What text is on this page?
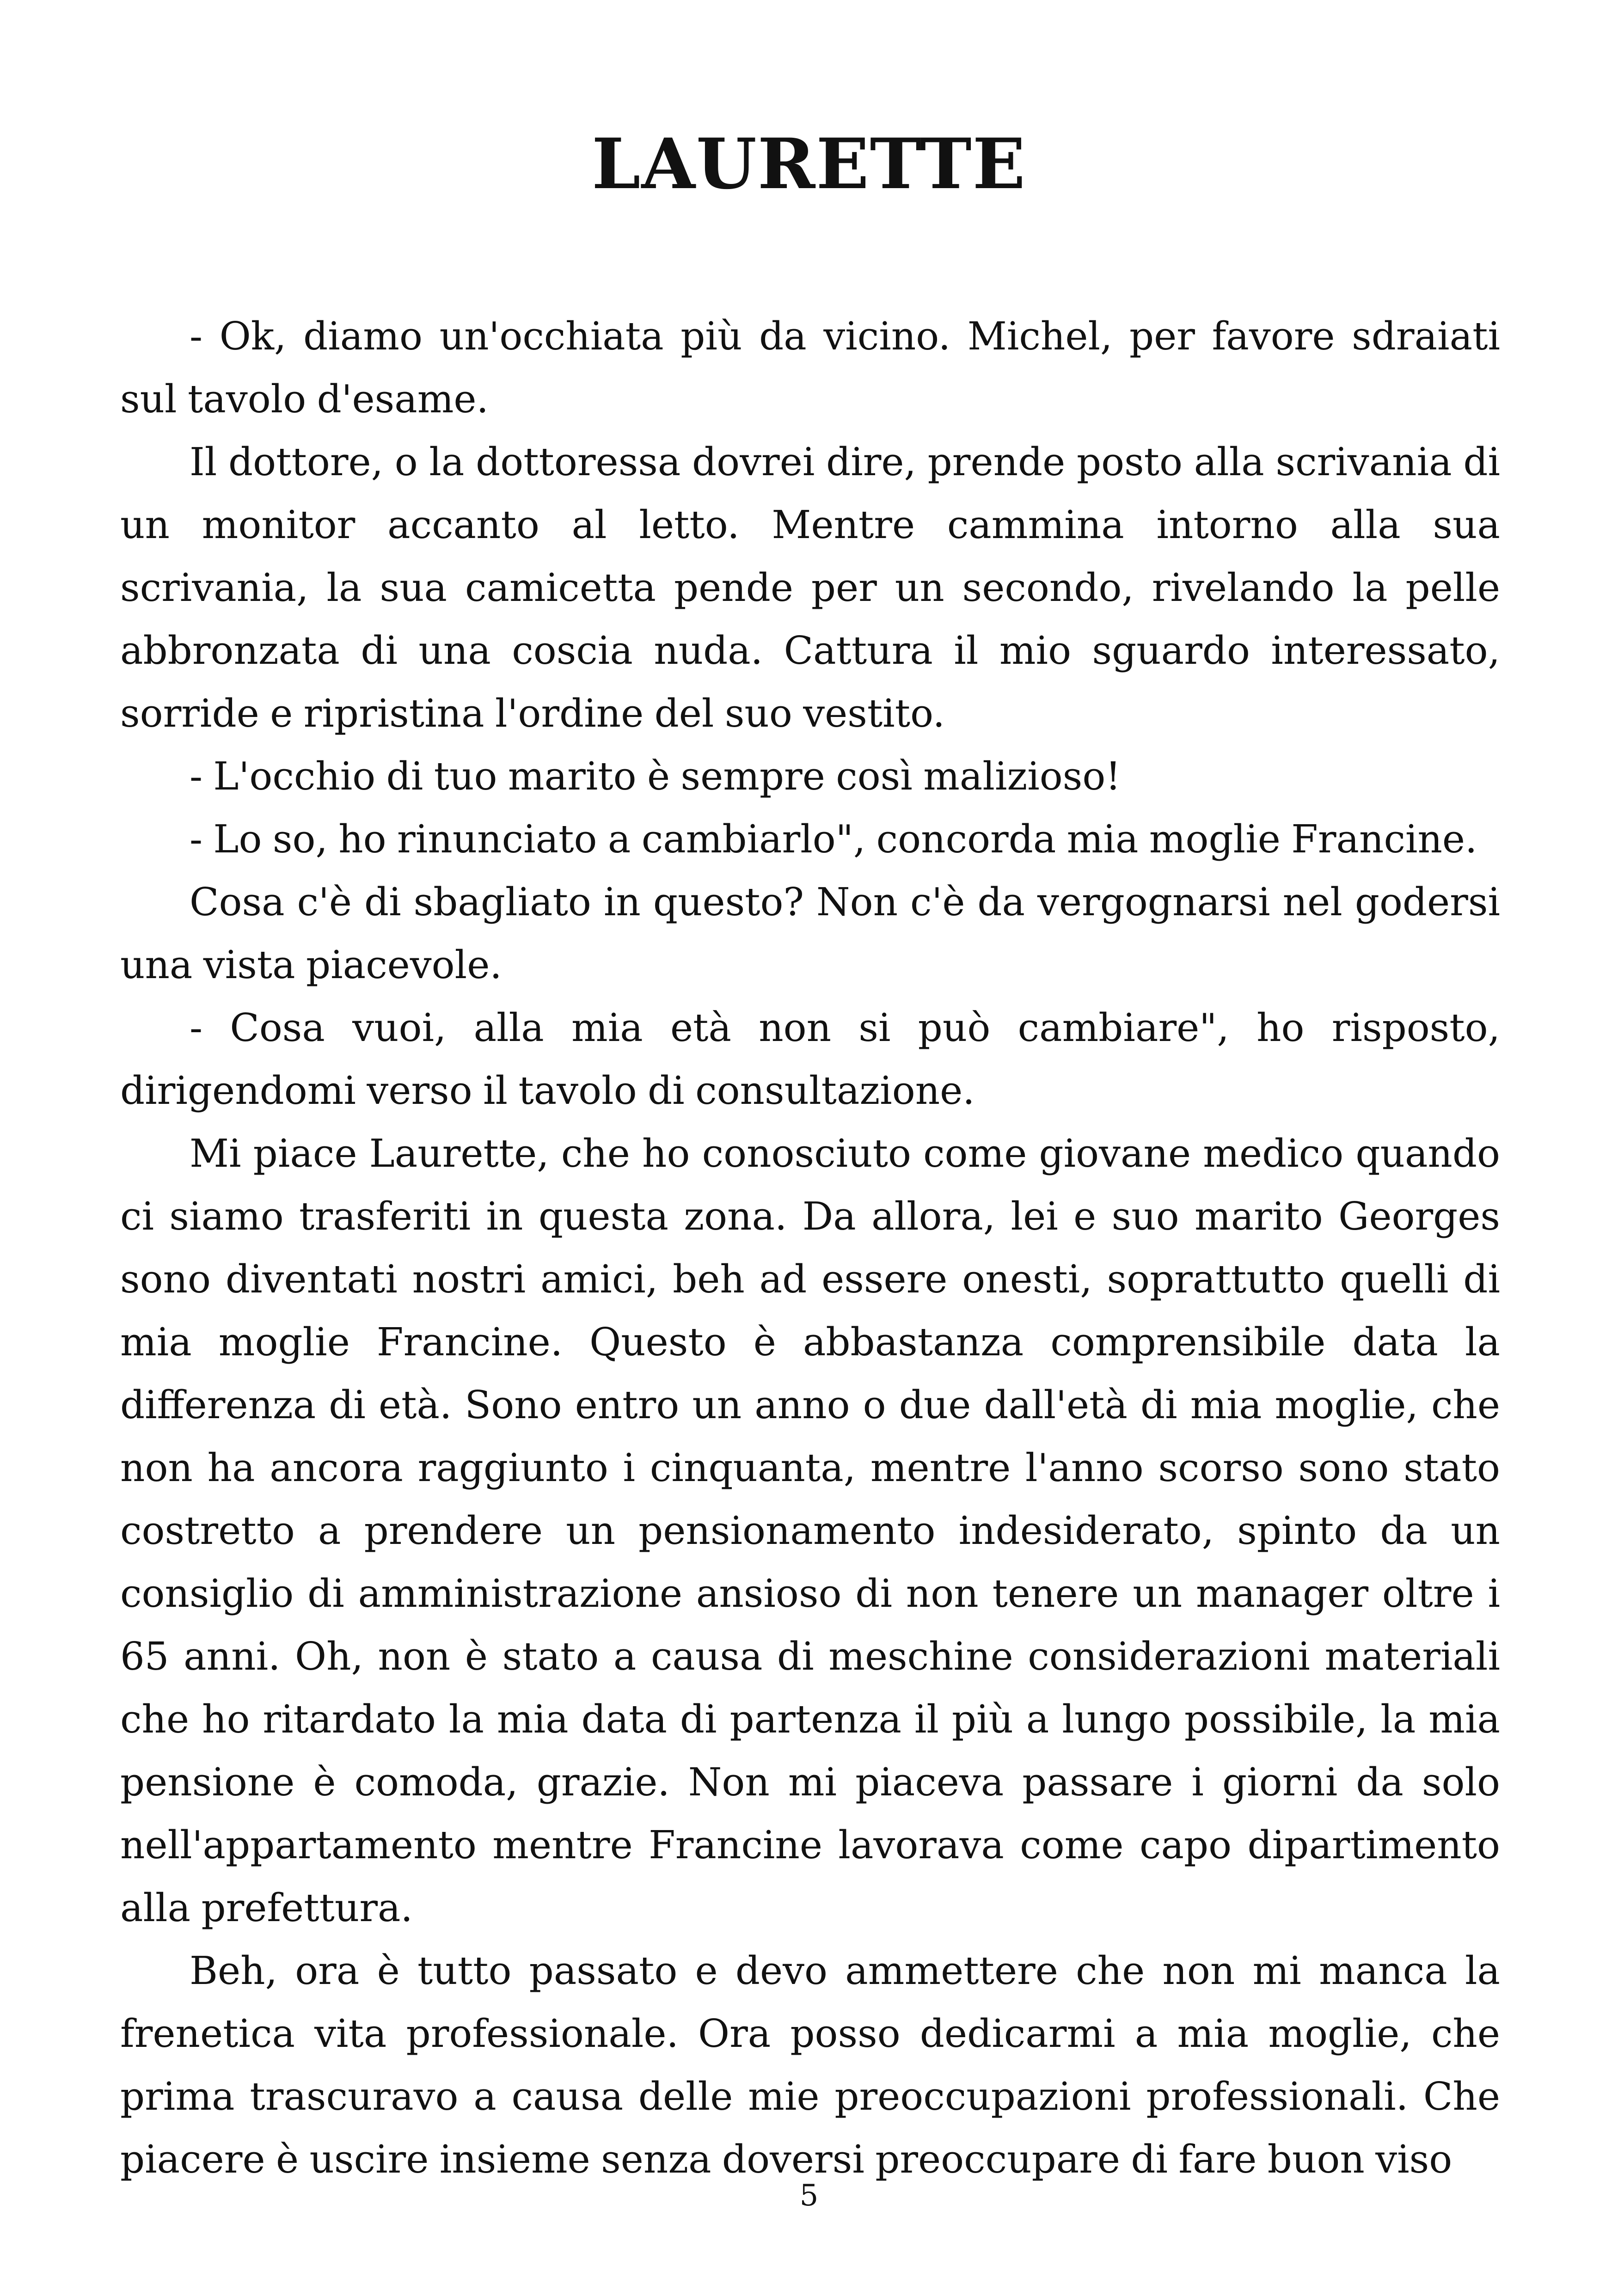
LAURETTE

- Ok, diamo un'occhiata più da vicino. Michel, per favore sdraiati sul tavolo d'esame.

Il dottore, o la dottoressa dovrei dire, prende posto alla scrivania di un monitor accanto al letto. Mentre cammina intorno alla sua scrivania, la sua camicetta pende per un secondo, rivelando la pelle abbronzata di una coscia nuda. Cattura il mio sguardo interessato, sorride e ripristina l'ordine del suo vestito.

- L'occhio di tuo marito è sempre così malizioso!

- Lo so, ho rinunciato a cambiarlo", concorda mia moglie Francine.

Cosa c'è di sbagliato in questo? Non c'è da vergognarsi nel godersi una vista piacevole.

- Cosa vuoi, alla mia età non si può cambiare", ho risposto, dirigendomi verso il tavolo di consultazione.

Mi piace Laurette, che ho conosciuto come giovane medico quando ci siamo trasferiti in questa zona. Da allora, lei e suo marito Georges sono diventati nostri amici, beh ad essere onesti, soprattutto quelli di mia moglie Francine. Questo è abbastanza comprensibile data la differenza di età. Sono entro un anno o due dall'età di mia moglie, che non ha ancora raggiunto i cinquanta, mentre l'anno scorso sono stato costretto a prendere un pensionamento indesiderato, spinto da un consiglio di amministrazione ansioso di non tenere un manager oltre i 65 anni. Oh, non è stato a causa di meschine considerazioni materiali che ho ritardato la mia data di partenza il più a lungo possibile, la mia pensione è comoda, grazie. Non mi piaceva passare i giorni da solo nell'appartamento mentre Francine lavorava come capo dipartimento alla prefettura.

Beh, ora è tutto passato e devo ammettere che non mi manca la frenetica vita professionale. Ora posso dedicarmi a mia moglie, che prima trascuravo a causa delle mie preoccupazioni professionali. Che piacere è uscire insieme senza doversi preoccupare di fare buon viso

5
